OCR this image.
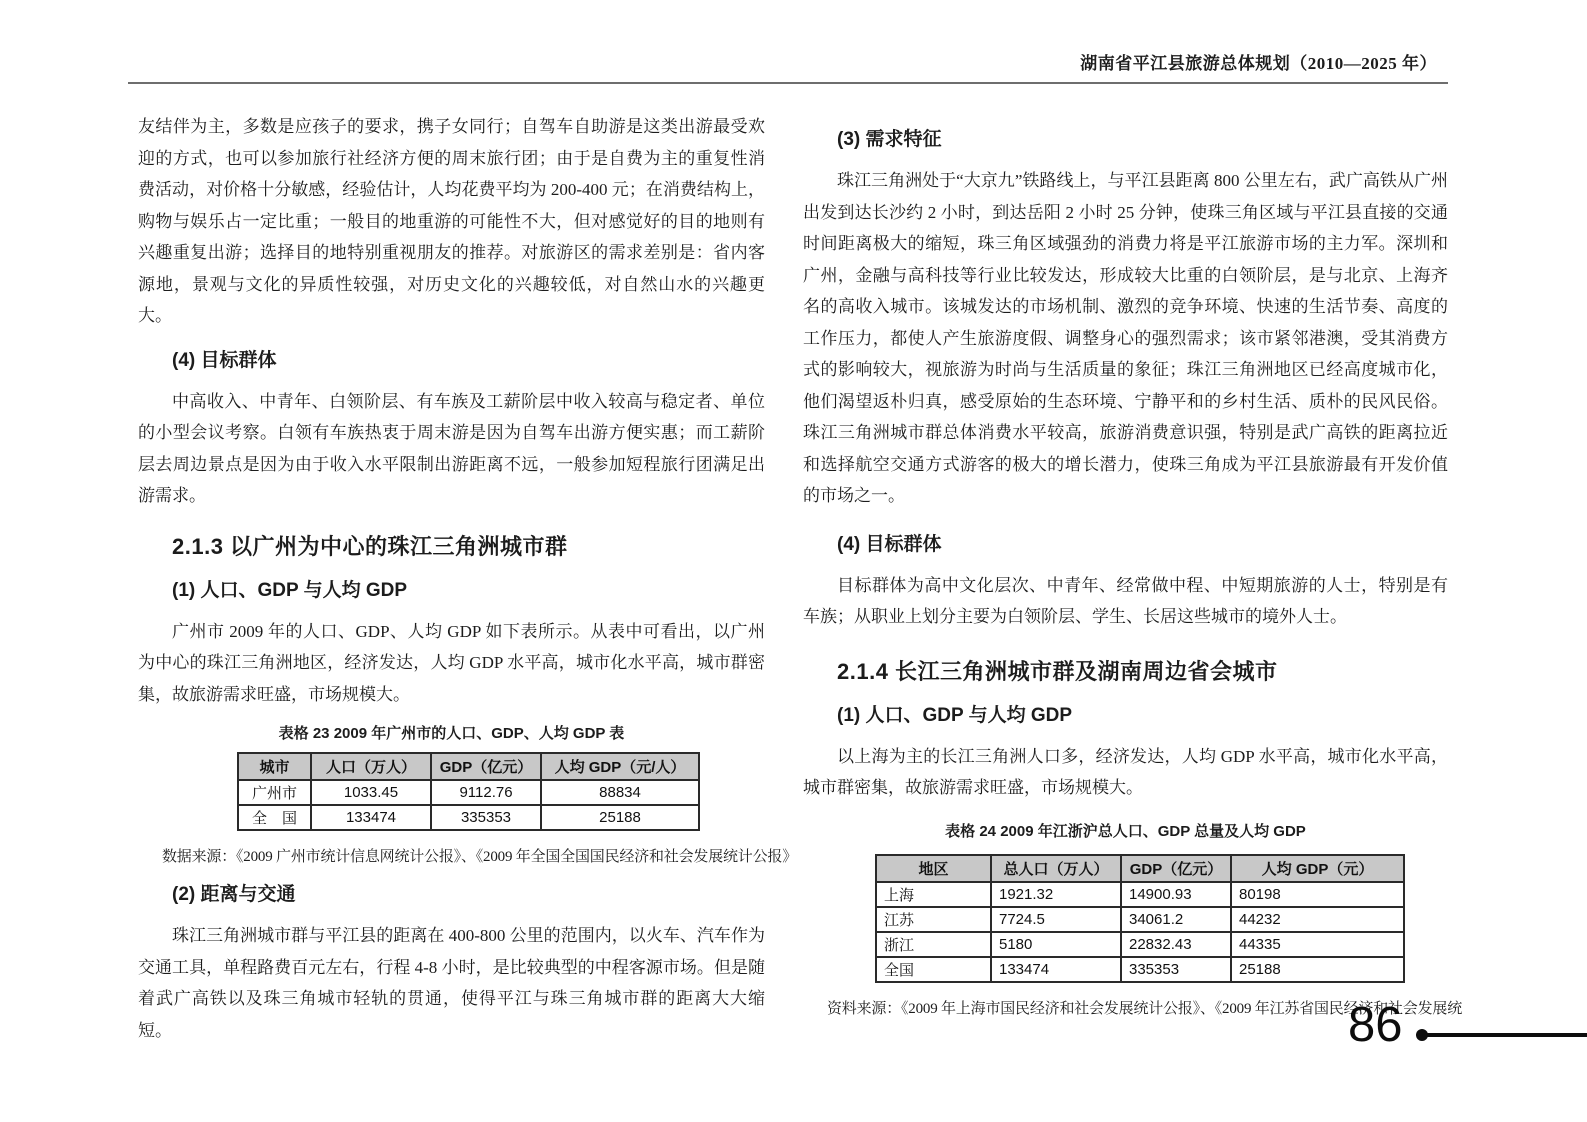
湖南省平江县旅游总体规划（2010—2025 年）

友结伴为主，多数是应孩子的要求，携子女同行；自驾车自助游是这类出游最受欢迎的方式，也可以参加旅行社经济方便的周末旅行团；由于是自费为主的重复性消费活动，对价格十分敏感，经验估计，人均花费平均为 200-400 元；在消费结构上，购物与娱乐占一定比重；一般目的地重游的可能性不大，但对感觉好的目的地则有兴趣重复出游；选择目的地特别重视朋友的推荐。对旅游区的需求差别是：省内客源地，景观与文化的异质性较强，对历史文化的兴趣较低，对自然山水的兴趣更大。

(4) 目标群体

中高收入、中青年、白领阶层、有车族及工薪阶层中收入较高与稳定者、单位的小型会议考察。白领有车族热衷于周末游是因为自驾车出游方便实惠；而工薪阶层去周边景点是因为由于收入水平限制出游距离不远，一般参加短程旅行团满足出游需求。

2.1.3 以广州为中心的珠江三角洲城市群
(1) 人口、GDP 与人均 GDP

广州市 2009 年的人口、GDP、人均 GDP 如下表所示。从表中可看出，以广州为中心的珠江三角洲地区，经济发达，人均 GDP 水平高，城市化水平高，城市群密集，故旅游需求旺盛，市场规模大。

表格 23 2009 年广州市的人口、GDP、人均 GDP 表
城市	人口（万人）	GDP（亿元）	人均 GDP（元/人）
广州市	1033.45	9112.76	88834
全　国	133474	335353	25188
数据来源：《2009 广州市统计信息网统计公报》、《2009 年全国全国国民经济和社会发展统计公报》
(2) 距离与交通

珠江三角洲城市群与平江县的距离在 400-800 公里的范围内，以火车、汽车作为交通工具，单程路费百元左右，行程 4-8 小时，是比较典型的中程客源市场。但是随着武广高铁以及珠三角城市轻轨的贯通，使得平江与珠三角城市群的距离大大缩短。

(3) 需求特征

珠江三角洲处于“大京九”铁路线上，与平江县距离 800 公里左右，武广高铁从广州出发到达长沙约 2 小时，到达岳阳 2 小时 25 分钟，使珠三角区域与平江县直接的交通时间距离极大的缩短，珠三角区域强劲的消费力将是平江旅游市场的主力军。深圳和广州，金融与高科技等行业比较发达，形成较大比重的白领阶层，是与北京、上海齐名的高收入城市。该城发达的市场机制、激烈的竞争环境、快速的生活节奏、高度的工作压力，都使人产生旅游度假、调整身心的强烈需求；该市紧邻港澳，受其消费方式的影响较大，视旅游为时尚与生活质量的象征；珠江三角洲地区已经高度城市化，他们渴望返朴归真，感受原始的生态环境、宁静平和的乡村生活、质朴的民风民俗。珠江三角洲城市群总体消费水平较高，旅游消费意识强，特别是武广高铁的距离拉近和选择航空交通方式游客的极大的增长潜力，使珠三角成为平江县旅游最有开发价值的市场之一。

(4) 目标群体

目标群体为高中文化层次、中青年、经常做中程、中短期旅游的人士，特别是有车族；从职业上划分主要为白领阶层、学生、长居这些城市的境外人士。

2.1.4 长江三角洲城市群及湖南周边省会城市
(1) 人口、GDP 与人均 GDP

以上海为主的长江三角洲人口多，经济发达，人均 GDP 水平高，城市化水平高，城市群密集，故旅游需求旺盛，市场规模大。

表格 24 2009 年江浙沪总人口、GDP 总量及人均 GDP
地区	总人口（万人）	GDP（亿元）	人均 GDP（元）
上海	1921.32	14900.93	80198
江苏	7724.5	34061.2	44232
浙江	5180	22832.43	44335
全国	133474	335353	25188
资料来源：《2009 年上海市国民经济和社会发展统计公报》、《2009 年江苏省国民经济和社会发展统
86
